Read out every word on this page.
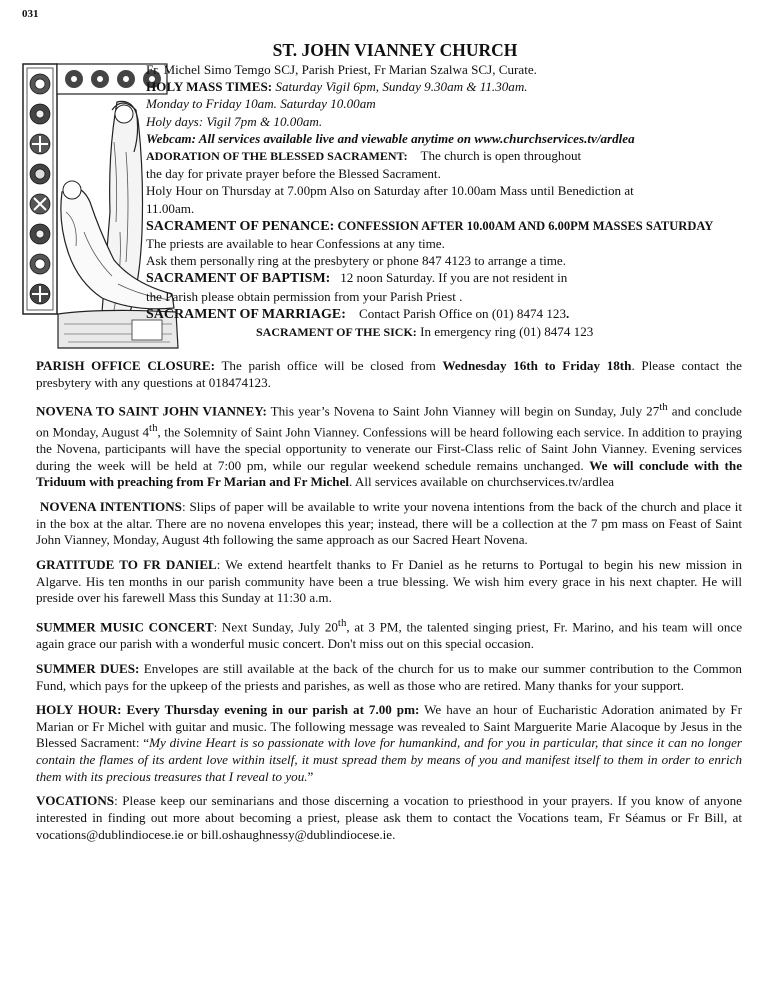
031
ST. JOHN VIANNEY CHURCH
Fr. Michel Simo Temgo SCJ, Parish Priest, Fr Marian Szalwa SCJ, Curate.
HOLY MASS TIMES: Saturday Vigil 6pm, Sunday 9.30am & 11.30am.
Monday to Friday 10am. Saturday 10.00am
Holy days: Vigil 7pm & 10.00am.
Webcam: All services available live and viewable anytime on www.churchservices.tv/ardlea
ADORATION OF THE BLESSED SACRAMENT: The church is open throughout
the day for private prayer before the Blessed Sacrament.
Holy Hour on Thursday at 7.00pm Also on Saturday after 10.00am Mass until Benediction at
11.00am.
SACRAMENT OF PENANCE: CONFESSION AFTER 10.00AM AND 6.00PM MASSES SATURDAY
The priests are available to hear Confessions at any time.
Ask them personally ring at the presbytery or phone 847 4123 to arrange a time.
SACRAMENT OF BAPTISM: 12 noon Saturday. If you are not resident in
the Parish please obtain permission from your Parish Priest .
SACRAMENT OF MARRIAGE: Contact Parish Office on (01) 8474 123.
SACRAMENT OF THE SICK: In emergency ring (01) 8474 123

PARISH OFFICE CLOSURE: The parish office will be closed from Wednesday 16th to Friday 18th. Please contact the presbytery with any questions at 018474123.

NOVENA TO SAINT JOHN VIANNEY: This year’s Novena to Saint John Vianney will begin on Sunday, July 27th and conclude on Monday, August 4th, the Solemnity of Saint John Vianney. Confessions will be heard following each service. In addition to praying the Novena, participants will have the special opportunity to venerate our First-Class relic of Saint John Vianney. Evening services during the week will be held at 7:00 pm, while our regular weekend schedule remains unchanged. We will conclude with the Triduum with preaching from Fr Marian and Fr Michel. All services available on churchservices.tv/ardlea

NOVENA INTENTIONS: Slips of paper will be available to write your novena intentions from the back of the church and place it in the box at the altar. There are no novena envelopes this year; instead, there will be a collection at the 7 pm mass on Feast of Saint John Vianney, Monday, August 4th following the same approach as our Sacred Heart Novena.

GRATITUDE TO FR DANIEL: We extend heartfelt thanks to Fr Daniel as he returns to Portugal to begin his new mission in Algarve. His ten months in our parish community have been a true blessing. We wish him every grace in his next chapter. He will preside over his farewell Mass this Sunday at 11:30 a.m.

SUMMER MUSIC CONCERT: Next Sunday, July 20th, at 3 PM, the talented singing priest, Fr. Marino, and his team will once again grace our parish with a wonderful music concert. Don't miss out on this special occasion.

SUMMER DUES: Envelopes are still available at the back of the church for us to make our summer contribution to the Common Fund, which pays for the upkeep of the priests and parishes, as well as those who are retired. Many thanks for your support.

HOLY HOUR: Every Thursday evening in our parish at 7.00 pm: We have an hour of Eucharistic Adoration animated by Fr Marian or Fr Michel with guitar and music. The following message was revealed to Saint Marguerite Marie Alacoque by Jesus in the Blessed Sacrament: “My divine Heart is so passionate with love for humankind, and for you in particular, that since it can no longer contain the flames of its ardent love within itself, it must spread them by means of you and manifest itself to them in order to enrich them with its precious treasures that I reveal to you.”

VOCATIONS: Please keep our seminarians and those discerning a vocation to priesthood in your prayers. If you know of anyone interested in finding out more about becoming a priest, please ask them to contact the Vocations team, Fr Séamus or Fr Bill, at vocations@dublindiocese.ie or bill.oshaughnessy@dublindiocese.ie.
